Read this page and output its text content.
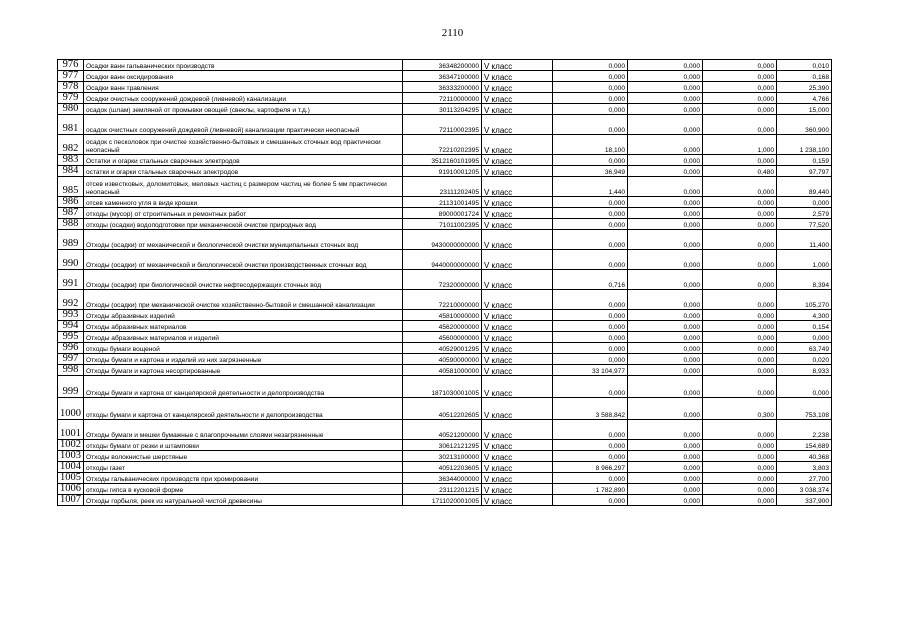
2110
976	Осадки ванн гальванических производств	36348200000	V класс	0,000	0,000	0,000	0,010
977	Осадки ванн оксидирования	36347100000	V класс	0,000	0,000	0,000	0,168
978	Осадки ванн травления	36333200000	V класс	0,000	0,000	0,000	25,390
979	Осадки очистных сооружений дождевой (ливневой) канализации	72110000000	V класс	0,000	0,000	0,000	4,766
980	осадок (шлам) земляной от промывки овощей (свеклы, картофеля и т.д.)	30113204295	V класс	0,000	0,000	0,000	15,000
981	осадок очистных сооружений дождевой (ливневой) канализации практически неопасный	72110002395	V класс	0,000	0,000	0,000	360,900
982	осадок с песколовок при очистке хозяйственно-бытовых и смешанных сточных вод практически неопасный	72210202395	V класс	18,100	0,000	1,000	1 238,100
983	Остатки и огарки стальных сварочных электродов	3512160101995	V класс	0,000	0,000	0,000	0,159
984	остатки и огарки стальных сварочных электродов	91910001205	V класс	36,949	0,000	0,480	97,797
985	отсев известковых, доломитовых, меловых частиц с размером частиц не более 5 мм практически неопасный	23111202405	V класс	1,440	0,000	0,000	89,440
986	отсев каменного угля в виде крошки	21131001495	V класс	0,000	0,000	0,000	0,000
987	отходы (мусор) от строительных и ремонтных работ	89000001724	V класс	0,000	0,000	0,000	2,579
988	отходы (осадки) водоподготовки при механической очистке природных вод	71011002395	V класс	0,000	0,000	0,000	77,520
989	Отходы (осадки) от механической и биологической очистки муниципальных сточных вод	9430000000000	V класс	0,000	0,000	0,000	11,400
990	Отходы (осадки) от механической и биологической очистки производственных сточных вод	9440000000000	V класс	0,000	0,000	0,000	1,000
991	Отходы (осадки) при биологической очистке нефтесодержащих сточных вод	72320000000	V класс	0,716	0,000	0,000	8,394
992	Отходы (осадки) при механической очистке хозяйственно-бытовой и смешанной канализации	72210000000	V класс	0,000	0,000	0,000	105,270
993	Отходы абразивных изделий	45810000000	V класс	0,000	0,000	0,000	4,300
994	Отходы абразивных материалов	45620000000	V класс	0,000	0,000	0,000	0,154
995	Отходы абразивных материалов и изделий	45600000000	V класс	0,000	0,000	0,000	0,000
996	отходы бумаги вощеной	40529001295	V класс	0,000	0,000	0,000	63,749
997	Отходы бумаги и картона и изделий из них загрязненные	40590000000	V класс	0,000	0,000	0,000	0,020
998	Отходы бумаги и картона несортированные	40581000000	V класс	33 104,977	0,000	0,000	8,933
999	Отходы бумаги и картона от канцелярской деятельности и делопроизводства	1871030001005	V класс	0,000	0,000	0,000	0,000
1000	отходы бумаги и картона от канцелярской деятельности и делопроизводства	40512202605	V класс	3 588,842	0,000	0,300	753,108
1001	Отходы бумаги и мешки бумажные с влагопрочными слоями незагрязненные	40521200000	V класс	0,000	0,000	0,000	2,238
1002	отходы бумаги от резки и штамповки	30612121295	V класс	0,000	0,000	0,000	154,689
1003	Отходы волокнистые шерстяные	30213100000	V класс	0,000	0,000	0,000	40,368
1004	отходы газет	40512203605	V класс	8 966,297	0,000	0,000	3,803
1005	Отходы гальванических производств при хромировании	36344000000	V класс	0,000	0,000	0,000	27,700
1006	отходы гипса в кусковой форме	23112201215	V класс	1 782,890	0,000	0,000	3 038,374
1007	Отходы горбыля, реек из натуральной чистой древесины	1711020001005	V класс	0,000	0,000	0,000	337,900
